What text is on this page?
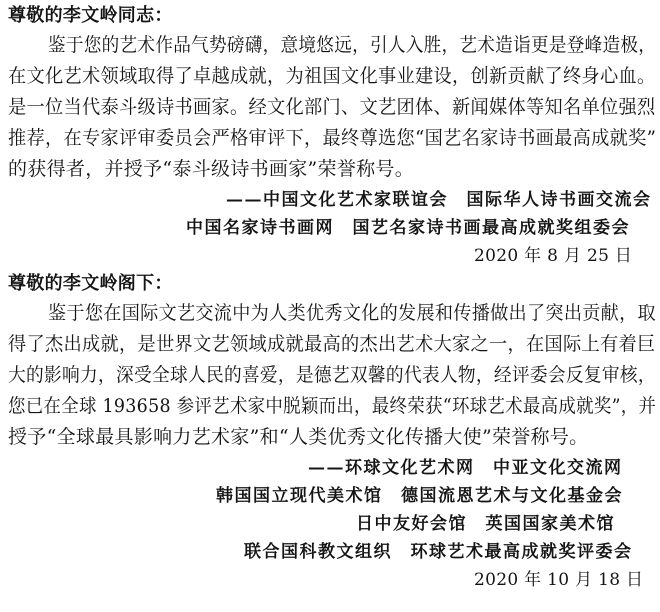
尊敬的李文岭同志：
鉴于您的艺术作品气势磅礴，意境悠远，引人入胜，艺术造诣更是登峰造极，
在文化艺术领域取得了卓越成就，为祖国文化事业建设，创新贡献了终身心血。
是一位当代泰斗级诗书画家。经文化部门、文艺团体、新闻媒体等知名单位强烈
推荐，在专家评审委员会严格审评下，最终尊选您“国艺名家诗书画最高成就奖”
的获得者，并授予“泰斗级诗书画家”荣誉称号。
——中国文化艺术家联谊会　国际华人诗书画交流会
中国名家诗书画网　国艺名家诗书画最高成就奖组委会
2020 年 8 月 25 日
尊敬的李文岭阁下：
鉴于您在国际文艺交流中为人类优秀文化的发展和传播做出了突出贡献，取
得了杰出成就，是世界文艺领域成就最高的杰出艺术大家之一，在国际上有着巨
大的影响力，深受全球人民的喜爱，是德艺双馨的代表人物，经评委会反复审核，
您已在全球 193658 参评艺术家中脱颖而出，最终荣获“环球艺术最高成就奖”，并
授予“全球最具影响力艺术家”和“人类优秀文化传播大使”荣誉称号。
——环球文化艺术网　中亚文化交流网
韩国国立现代美术馆　德国流恩艺术与文化基金会
日中友好会馆　英国国家美术馆
联合国科教文组织　环球艺术最高成就奖评委会
2020 年 10 月 18 日
